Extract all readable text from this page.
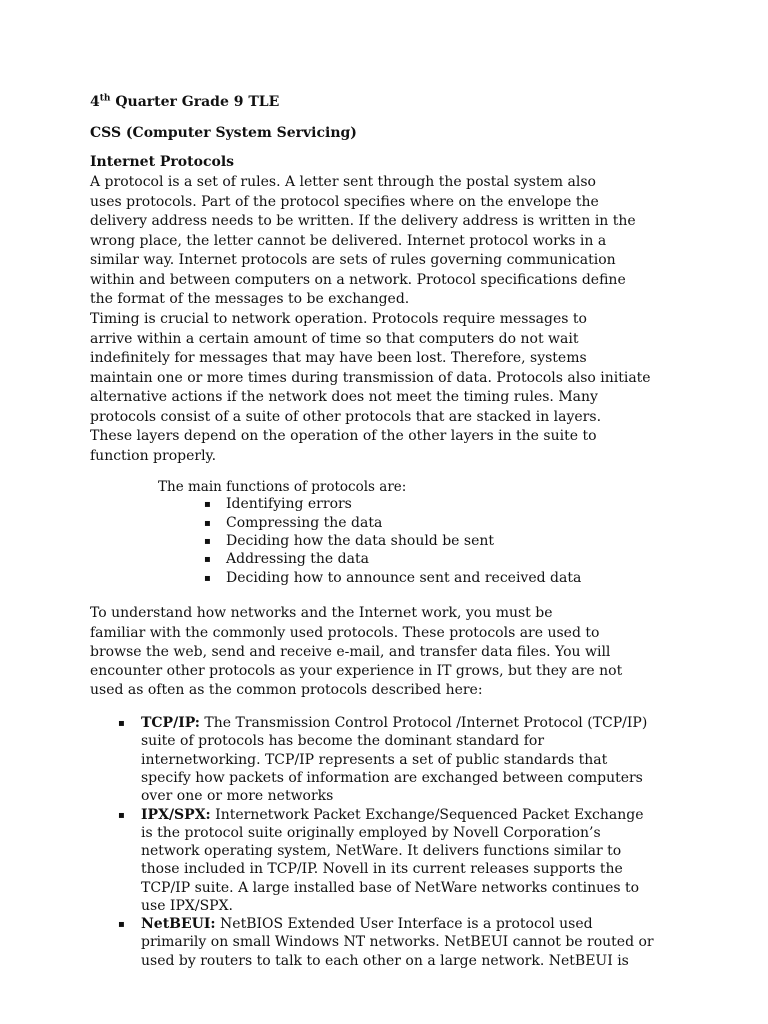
4th Quarter Grade 9 TLE
CSS (Computer System Servicing)
Internet Protocols
A protocol is a set of rules. A letter sent through the postal system also
uses protocols. Part of the protocol specifies where on the envelope the
delivery address needs to be written. If the delivery address is written in the
wrong place, the letter cannot be delivered. Internet protocol works in a
similar way. Internet protocols are sets of rules governing communication
within and between computers on a network. Protocol specifications define
the format of the messages to be exchanged.
Timing is crucial to network operation. Protocols require messages to
arrive within a certain amount of time so that computers do not wait
indefinitely for messages that may have been lost. Therefore, systems
maintain one or more times during transmission of data. Protocols also initiate
alternative actions if the network does not meet the timing rules. Many
protocols consist of a suite of other protocols that are stacked in layers.
These layers depend on the operation of the other layers in the suite to
function properly.
The main functions of protocols are:
▪ Identifying errors
▪ Compressing the data
▪ Deciding how the data should be sent
▪ Addressing the data
▪ Deciding how to announce sent and received data
To understand how networks and the Internet work, you must be
familiar with the commonly used protocols. These protocols are used to
browse the web, send and receive e-mail, and transfer data files. You will
encounter other protocols as your experience in IT grows, but they are not
used as often as the common protocols described here:
▪ TCP/IP: The Transmission Control Protocol /Internet Protocol (TCP/IP)
suite of protocols has become the dominant standard for
internetworking. TCP/IP represents a set of public standards that
specify how packets of information are exchanged between computers
over one or more networks
▪ IPX/SPX: Internetwork Packet Exchange/Sequenced Packet Exchange
is the protocol suite originally employed by Novell Corporation’s
network operating system, NetWare. It delivers functions similar to
those included in TCP/IP. Novell in its current releases supports the
TCP/IP suite. A large installed base of NetWare networks continues to
use IPX/SPX.
▪ NetBEUI: NetBIOS Extended User Interface is a protocol used
primarily on small Windows NT networks. NetBEUI cannot be routed or
used by routers to talk to each other on a large network. NetBEUI is
